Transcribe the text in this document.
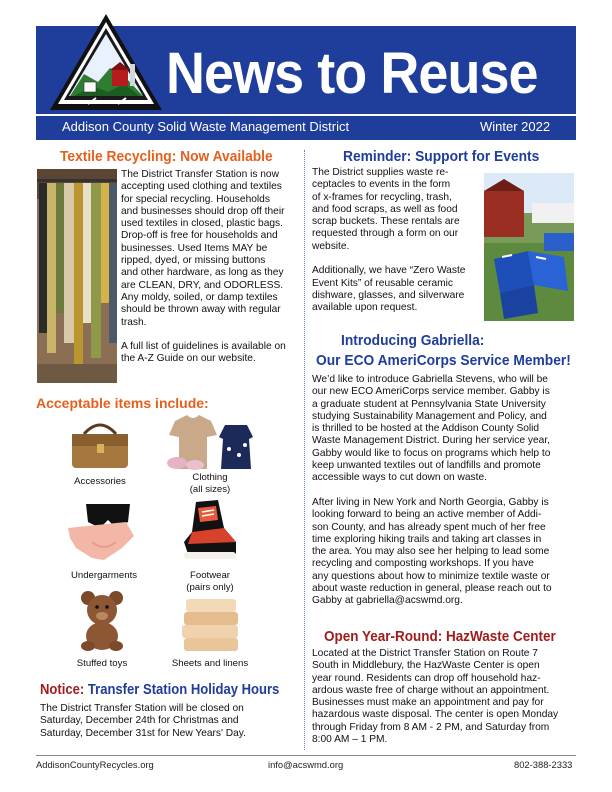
News to Reuse
Addison County Solid Waste Management District	Winter 2022
Textile Recycling: Now Available
The District Transfer Station is now
accepting used clothing and textiles
for special recycling. Households
and businesses should drop off their
used textiles in closed, plastic bags.
Drop-off is free for households and
businesses. Used Items MAY be
ripped, dyed, or missing buttons
and other hardware, as long as they
are CLEAN, DRY, and ODORLESS.
Any moldy, soiled, or damp textiles
should be thrown away with regular
trash.
A full list of guidelines is available on
the A-Z Guide on our website.
Acceptable items include:
Accessories	Clothing
(all sizes)
Undergarments	Footwear
(pairs only)
Stuffed toys	Sheets and linens
Notice: Transfer Station Holiday Hours
The District Transfer Station will be closed on
Saturday, December 24th for Christmas and
Saturday, December 31st for New Years' Day.
Reminder: Support for Events
The District supplies waste re-
ceptacles to events in the form
of x-frames for recycling, trash,
and food scraps, as well as food
scrap buckets. These rentals are
requested through a form on our
website.
Additionally, we have “Zero Waste
Event Kits” of reusable ceramic
dishware, glasses, and silverware
available upon request.
Introducing Gabriella:
Our ECO AmeriCorps Service Member!
We’d like to introduce Gabriella Stevens, who will be
our new ECO AmeriCorps service member. Gabby is
a graduate student at Pennsylvania State University
studying Sustainability Management and Policy, and
is thrilled to be hosted at the Addison County Solid
Waste Management District. During her service year,
Gabby would like to focus on programs which help to
keep unwanted textiles out of landfills and promote
accessible ways to cut down on waste.
After living in New York and North Georgia, Gabby is
looking forward to being an active member of Addi-
son County, and has already spent much of her free
time exploring hiking trails and taking art classes in
the area. You may also see her helping to lead some
recycling and composting workshops. If you have
any questions about how to minimize textile waste or
about waste reduction in general, please reach out to
Gabby at gabriella@acswmd.org.
Open Year-Round: HazWaste Center
Located at the District Transfer Station on Route 7
South in Middlebury, the HazWaste Center is open
year round. Residents can drop off household haz-
ardous waste free of charge without an appointment.
Businesses must make an appointment and pay for
hazardous waste disposal. The center is open Monday
through Friday from 8 AM - 2 PM, and Saturday from
8:00 AM – 1 PM.
AddisonCountyRecycles.org	info@acswmd.org	802-388-2333
